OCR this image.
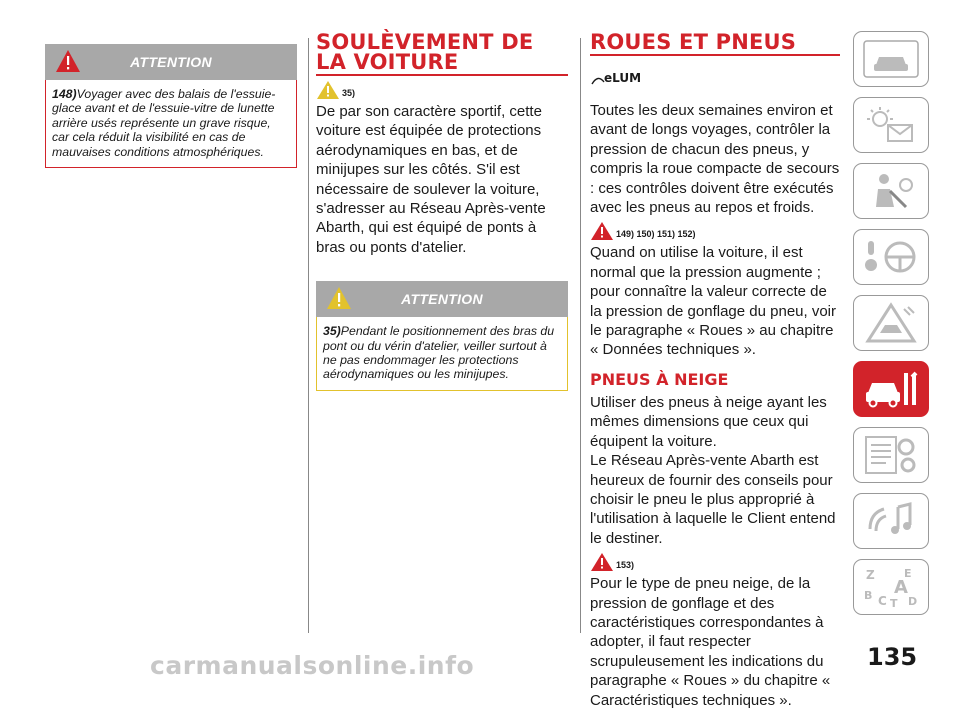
ATTENTION
148)Voyager avec des balais de l'essuie-glace avant et de l'essuie-vitre de lunette arrière usés représente un grave risque, car cela réduit la visibilité en cas de mauvaises conditions atmosphériques.
SOULÈVEMENT DE
LA VOITURE
35)

De par son caractère sportif, cette voiture est équipée de protections aérodynamiques en bas, et de minijupes sur les côtés. S'il est nécessaire de soulever la voiture, s'adresser au Réseau Après-vente Abarth, qui est équipé de ponts à bras ou ponts d'atelier.

ATTENTION
35)Pendant le positionnement des bras du pont ou du vérin d'atelier, veiller surtout à ne pas endommager les protections aérodynamiques ou les minijupes.
ROUES ET PNEUS
eLUM

Toutes les deux semaines environ et avant de longs voyages, contrôler la pression de chacun des pneus, y compris la roue compacte de secours : ces contrôles doivent être exécutés avec les pneus au repos et froids.

149) 150) 151) 152)

Quand on utilise la voiture, il est normal que la pression augmente ; pour connaître la valeur correcte de la pression de gonflage du pneu, voir le paragraphe « Roues » au chapitre « Données techniques ».

PNEUS À NEIGE

Utiliser des pneus à neige ayant les mêmes dimensions que ceux qui équipent la voiture.

Le Réseau Après-vente Abarth est heureux de fournir des conseils pour choisir le pneu le plus approprié à l'utilisation à laquelle le Client entend le destiner.

153)

Pour le type de pneu neige, de la pression de gonflage et des caractéristiques correspondantes à adopter, il faut respecter scrupuleusement les indications du paragraphe « Roues » du chapitre « Caractéristiques techniques ».

Z	E
A
B C T D
135
carmanualsonline.info
